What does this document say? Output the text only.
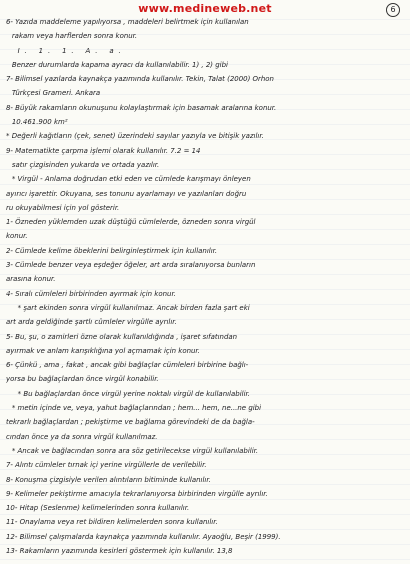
www.medineweb.net	6
6- Yazıda maddeleme yapılıyorsa , maddeleri belirtmek için kullanılan
rakam veya harflerden sonra konur.
I. 1. 1. A. a.
Benzer durumlarda kapama ayracı da kullanılabilir. 1) , 2) gibi
7- Bilimsel yazılarda kaynakça yazımında kullanılır. Tekin, Talat (2000) Orhon
Türkçesi Grameri. Ankara
8- Büyük rakamların okunuşunu kolaylaştırmak için basamak aralarına konur.
10.461.900 km²
* Değerli kağıtların (çek, senet) üzerindeki sayılar yazıyla ve bitişik yazılır.
9- Matematikte çarpma işlemi olarak kullanılır. 7.2 = 14
satır çizgisinden yukarda ve ortada yazılır.
* Virgül - Anlama doğrudan etki eden ve cümlede karışmayı önleyen
ayırıcı işarettir. Okuyana, ses tonunu ayarlamayı ve yazılanları doğru
ru okuyabilmesi için yol gösterir.
1- Özneden yüklemden uzak düştüğü cümlelerde, özneden sonra virgül
konur.
2- Cümlede kelime öbeklerini belirginleştirmek için kullanılır.
3- Cümlede benzer veya eşdeğer öğeler, art arda sıralanıyorsa bunların
arasına konur.
4- Sıralı cümleleri birbirinden ayırmak için konur.
* şart ekinden sonra virgül kullanılmaz. Ancak birden fazla şart eki
art arda geldiğinde şartlı cümleler virgülle ayrılır.
5- Bu, şu, o zamirleri özne olarak kullanıldığında , işaret sıfatından
ayırmak ve anlam karışıklığına yol açmamak için konur.
6- Çünkü , ama , fakat , ancak gibi bağlaçlar cümleleri birbirine bağlı-
yorsa bu bağlaçlardan önce virgül konabilir.
* Bu bağlaçlardan önce virgül yerine noktalı virgül de kullanılabilir.
* metin içinde ve, veya, yahut bağlaçlarından ; hem... hem, ne...ne gibi
tekrarlı bağlaçlardan ; pekiştirme ve bağlama görevindeki de da bağla-
cından önce ya da sonra virgül kullanılmaz.
* Ancak ve bağlacından sonra ara söz getirilecekse virgül kullanılabilir.
7- Alıntı cümleler tırnak içi yerine virgüllerle de verilebilir.
8- Konuşma çizgisiyle verilen alıntıların bitiminde kullanılır.
9- Kelimeler pekiştirme amacıyla tekrarlanıyorsa birbirinden virgülle ayrılır.
10- Hitap (Seslenme) kelimelerinden sonra kullanılır.
11- Onaylama veya ret bildiren kelimelerden sonra kullanılır.
12- Bilimsel çalışmalarda kaynakça yazımında kullanılır. Ayaoğlu, Beşir (1999).
13- Rakamların yazımında kesirleri göstermek için kullanılır. 13,8
